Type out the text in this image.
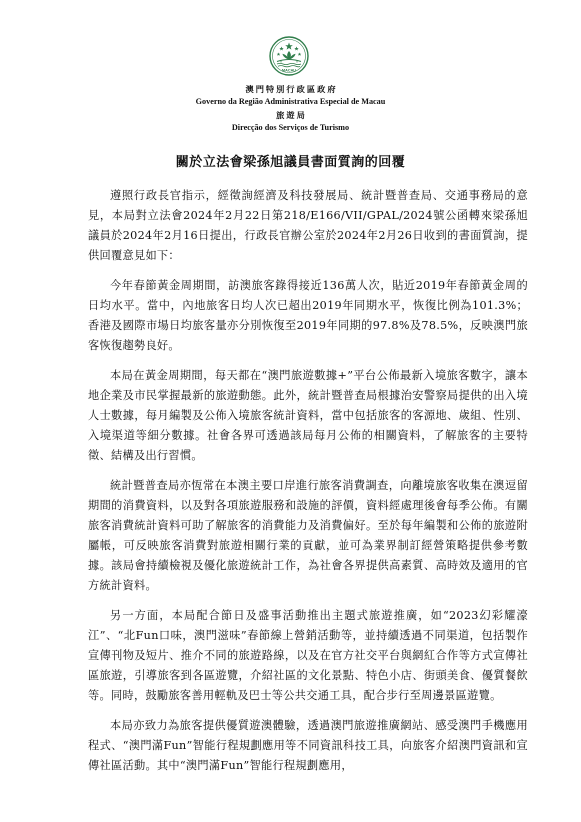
MACAU
澳 門 特 別 行 政 區 政 府
Governo da Região Administrativa Especial de Macau
旅 遊 局
Direcção dos Serviços de Turismo
關於立法會梁孫旭議員書面質詢的回覆

遵照行政長官指示，經徵詢經濟及科技發展局、統計暨普查局、交通事務局的意見，本局對立法會2024年2月22日第218/E166/VII/GPAL/2024號公函轉來梁孫旭議員於2024年2月16日提出，行政長官辦公室於2024年2月26日收到的書面質詢，提供回覆意見如下：

今年春節黃金周期間，訪澳旅客錄得接近136萬人次，貼近2019年春節黃金周的日均水平。當中，內地旅客日均人次已超出2019年同期水平，恢復比例為101.3%；香港及國際市場日均旅客量亦分別恢復至2019年同期的97.8%及78.5%，反映澳門旅客恢復趨勢良好。

本局在黃金周期間，每天都在“澳門旅遊數據+”平台公佈最新入境旅客數字，讓本地企業及市民掌握最新的旅遊動態。此外，統計暨普查局根據治安警察局提供的出入境人士數據，每月編製及公佈入境旅客統計資料，當中包括旅客的客源地、歲組、性別、入境渠道等細分數據。社會各界可透過該局每月公佈的相關資料，了解旅客的主要特徵、結構及出行習慣。

統計暨普查局亦恆常在本澳主要口岸進行旅客消費調查，向離境旅客收集在澳逗留期間的消費資料，以及對各項旅遊服務和設施的評價，資料經處理後會每季公佈。有關旅客消費統計資料可助了解旅客的消費能力及消費偏好。至於每年編製和公佈的旅遊附屬帳，可反映旅客消費對旅遊相關行業的貢獻，並可為業界制訂經營策略提供參考數據。該局會持續檢視及優化旅遊統計工作，為社會各界提供高素質、高時效及適用的官方統計資料。

另一方面，本局配合節日及盛事活動推出主題式旅遊推廣，如“2023幻彩耀濠江”、“北Fun口味，澳門滋味”春節線上營銷活動等，並持續透過不同渠道，包括製作宣傳刊物及短片、推介不同的旅遊路線，以及在官方社交平台與網紅合作等方式宣傳社區旅遊，引導旅客到各區遊覽，介紹社區的文化景點、特色小店、街頭美食、優質餐飲等。同時，鼓勵旅客善用輕軌及巴士等公共交通工具，配合步行至周邊景區遊覽。

本局亦致力為旅客提供優質遊澳體驗，透過澳門旅遊推廣網站、感受澳門手機應用程式、“澳門滿Fun”智能行程規劃應用等不同資訊科技工具，向旅客介紹澳門資訊和宣傳社區活動。其中“澳門滿Fun”智能行程規劃應用，
